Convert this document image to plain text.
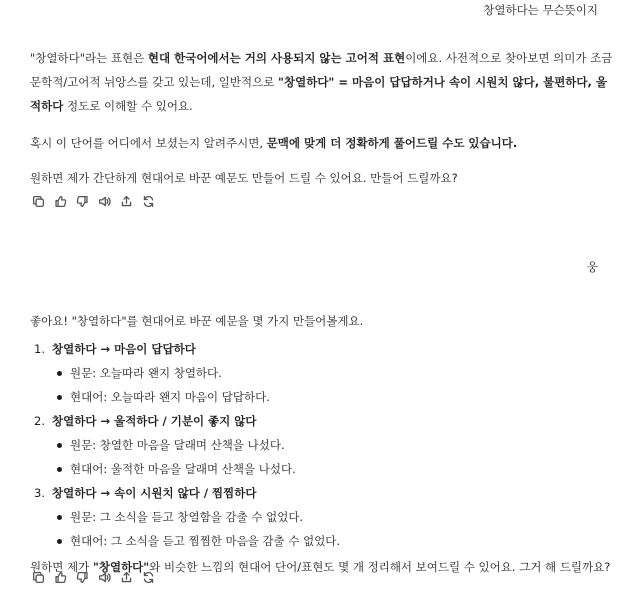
창열하다는 무슨뜻이지

"창열하다"라는 표현은 현대 한국어에서는 거의 사용되지 않는 고어적 표현이에요. 사전적으로 찾아보면 의미가 조금 문학적/고어적 뉘앙스를 갖고 있는데, 일반적으로 "창열하다" = 마음이 답답하거나 속이 시원치 않다, 불편하다, 울적하다 정도로 이해할 수 있어요.

혹시 이 단어를 어디에서 보셨는지 알려주시면, 문맥에 맞게 더 정확하게 풀어드릴 수도 있습니다.

원하면 제가 간단하게 현대어로 바꾼 예문도 만들어 드릴 수 있어요. 만들어 드릴까요?

웅

좋아요! "창열하다"를 현대어로 바꾼 예문을 몇 가지 만들어볼게요.

1. 창열하다 → 마음이 답답하다
원문: 오늘따라 왠지 창열하다.
현대어: 오늘따라 왠지 마음이 답답하다.
2. 창열하다 → 울적하다 / 기분이 좋지 않다
원문: 창열한 마음을 달래며 산책을 나섰다.
현대어: 울적한 마음을 달래며 산책을 나섰다.
3. 창열하다 → 속이 시원치 않다 / 찜찜하다
원문: 그 소식을 듣고 창열함을 감출 수 없었다.
현대어: 그 소식을 듣고 찜찜한 마음을 감출 수 없었다.

원하면 제가 "창열하다"와 비슷한 느낌의 현대어 단어/표현도 몇 개 정리해서 보여드릴 수 있어요. 그거 해 드릴까요?
